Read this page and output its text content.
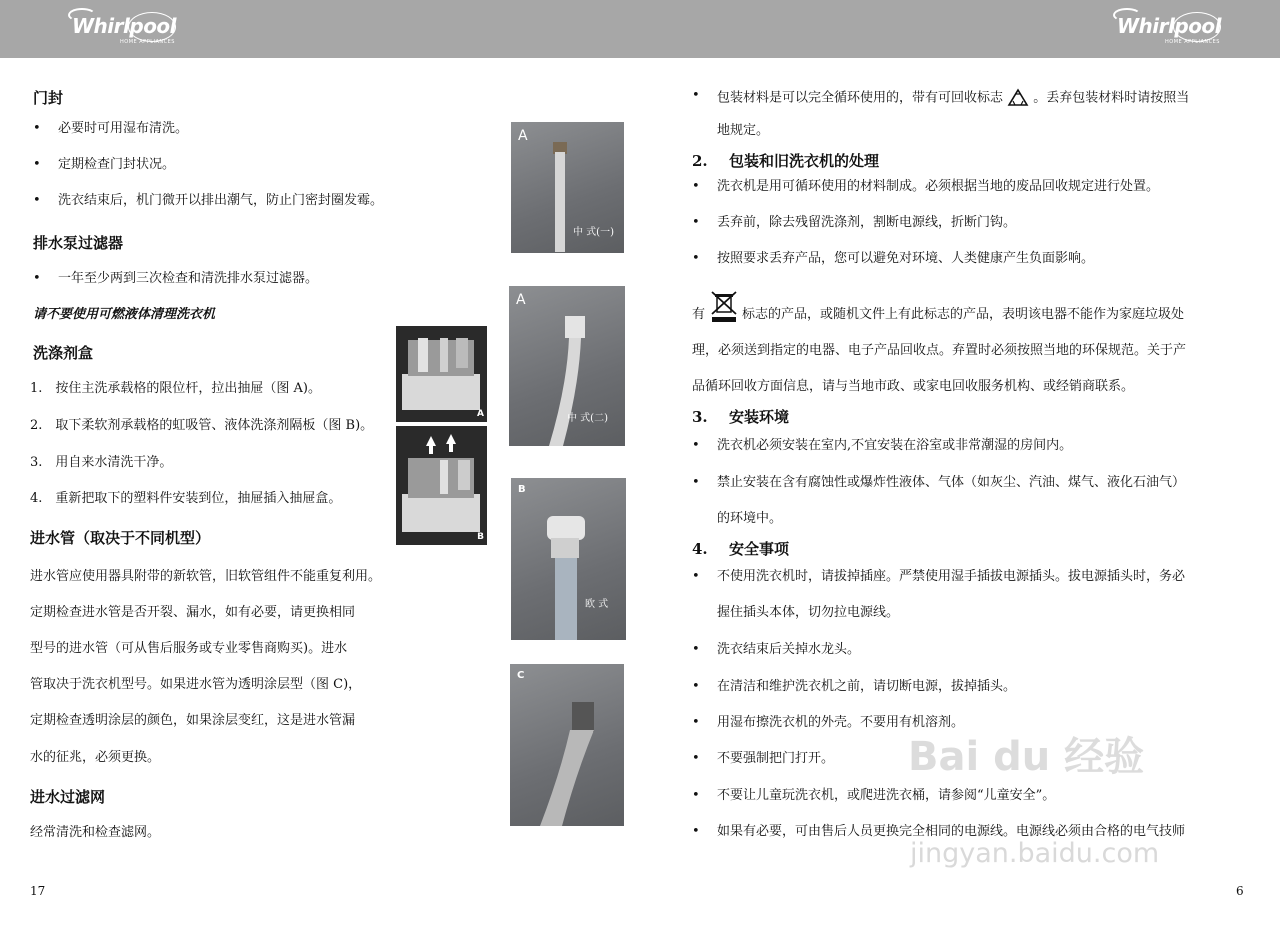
Whirlpool
HOME APPLIANCES
Whirlpool
HOME APPLIANCES
门封
• 必要时可用湿布清洗。
• 定期检查门封状况。
• 洗衣结束后，机门微开以排出潮气，防止门密封圈发霉。
排水泵过滤器
• 一年至少两到三次检查和清洗排水泵过滤器。
请不要使用可燃液体清理洗衣机
洗涤剂盒
1.　按住主洗承载格的限位杆，拉出抽屉（图 A)。
2.　取下柔软剂承载格的虹吸管、液体洗涤剂隔板（图 B)。
3.　用自来水清洗干净。
4.　重新把取下的塑料件安装到位，抽屉插入抽屉盒。
进水管（取决于不同机型）
进水管应使用器具附带的新软管，旧软管组件不能重复利用。
定期检查进水管是否开裂、漏水，如有必要，请更换相同
型号的进水管（可从售后服务或专业零售商购买)。进水
管取决于洗衣机型号。如果进水管为透明涂层型（图 C)，
定期检查透明涂层的颜色，如果涂层变红，这是进水管漏
水的征兆，必须更换。
进水过滤网
经常清洗和检查滤网。
17
A
B
A
中 式(一)
A
中 式(二)
B
欧 式
C
• 包装材料是可以完全循环使用的，带有可回收标志 。丢弃包装材料时请按照当
地规定。
2. 包装和旧洗衣机的处理
• 洗衣机是用可循环使用的材料制成。必须根据当地的废品回收规定进行处置。
• 丢弃前，除去残留洗涤剂，割断电源线，折断门钩。
• 按照要求丢弃产品，您可以避免对环境、人类健康产生负面影响。
有	标志的产品，或随机文件上有此标志的产品，表明该电器不能作为家庭垃圾处
理，必须送到指定的电器、电子产品回收点。弃置时必须按照当地的环保规范。关于产
品循环回收方面信息，请与当地市政、或家电回收服务机构、或经销商联系。
3. 安装环境
• 洗衣机必须安装在室内,不宜安装在浴室或非常潮湿的房间内。
• 禁止安装在含有腐蚀性或爆炸性液体、气体（如灰尘、汽油、煤气、液化石油气）
的环境中。
4. 安全事项
• 不使用洗衣机时，请拔掉插座。严禁使用湿手插拔电源插头。拔电源插头时，务必
握住插头本体，切勿拉电源线。
• 洗衣结束后关掉水龙头。
• 在清洁和维护洗衣机之前，请切断电源，拔掉插头。
• 用湿布擦洗衣机的外壳。不要用有机溶剂。
• 不要强制把门打开。
• 不要让儿童玩洗衣机，或爬进洗衣桶，请参阅“儿童安全”。
• 如果有必要，可由售后人员更换完全相同的电源线。电源线必须由合格的电气技师
6
Bai du 经验
jingyan.baidu.com
